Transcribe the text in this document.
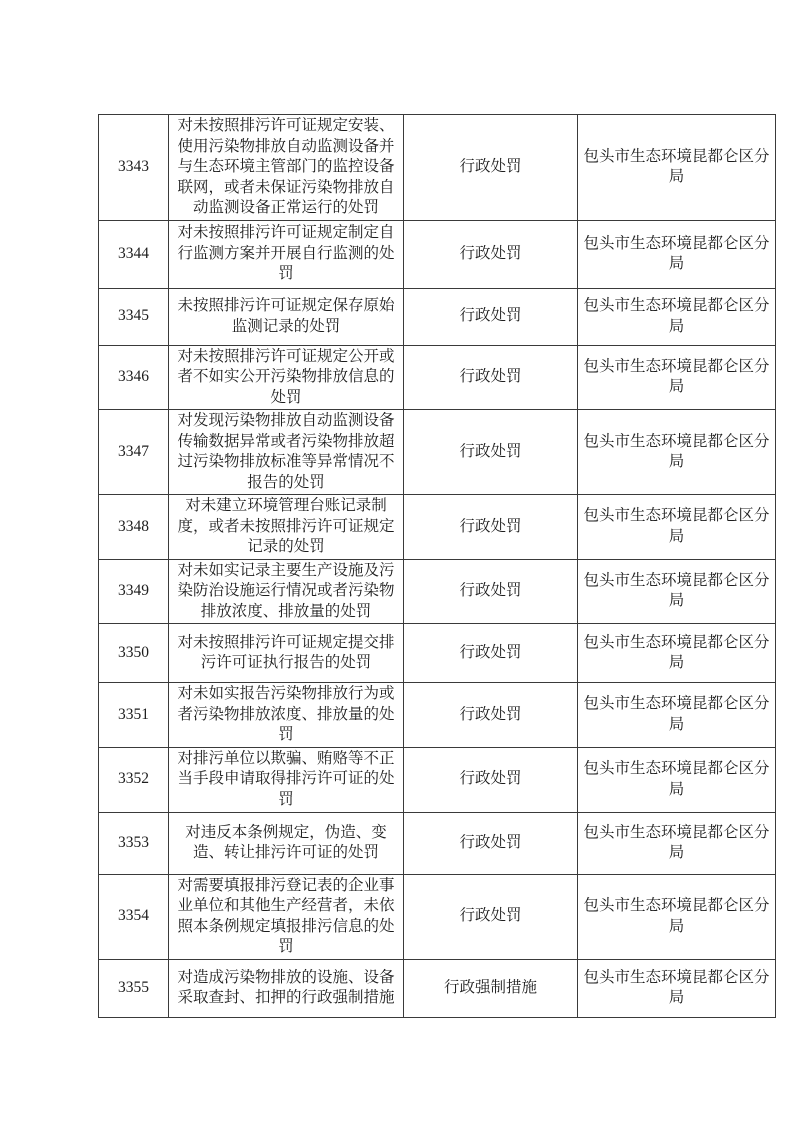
3343	对未按照排污许可证规定安装、使用污染物排放自动监测设备并与生态环境主管部门的监控设备联网，或者未保证污染物排放自动监测设备正常运行的处罚	行政处罚	包头市生态环境昆都仑区分局
3344	对未按照排污许可证规定制定自行监测方案并开展自行监测的处罚	行政处罚	包头市生态环境昆都仑区分局
3345	未按照排污许可证规定保存原始监测记录的处罚	行政处罚	包头市生态环境昆都仑区分局
3346	对未按照排污许可证规定公开或者不如实公开污染物排放信息的处罚	行政处罚	包头市生态环境昆都仑区分局
3347	对发现污染物排放自动监测设备传输数据异常或者污染物排放超过污染物排放标准等异常情况不报告的处罚	行政处罚	包头市生态环境昆都仑区分局
3348	对未建立环境管理台账记录制度，或者未按照排污许可证规定记录的处罚	行政处罚	包头市生态环境昆都仑区分局
3349	对未如实记录主要生产设施及污染防治设施运行情况或者污染物排放浓度、排放量的处罚	行政处罚	包头市生态环境昆都仑区分局
3350	对未按照排污许可证规定提交排污许可证执行报告的处罚	行政处罚	包头市生态环境昆都仑区分局
3351	对未如实报告污染物排放行为或者污染物排放浓度、排放量的处罚	行政处罚	包头市生态环境昆都仑区分局
3352	对排污单位以欺骗、贿赂等不正当手段申请取得排污许可证的处罚	行政处罚	包头市生态环境昆都仑区分局
3353	对违反本条例规定，伪造、变造、转让排污许可证的处罚	行政处罚	包头市生态环境昆都仑区分局
3354	对需要填报排污登记表的企业事业单位和其他生产经营者，未依照本条例规定填报排污信息的处罚	行政处罚	包头市生态环境昆都仑区分局
3355	对造成污染物排放的设施、设备采取查封、扣押的行政强制措施	行政强制措施	包头市生态环境昆都仑区分局
